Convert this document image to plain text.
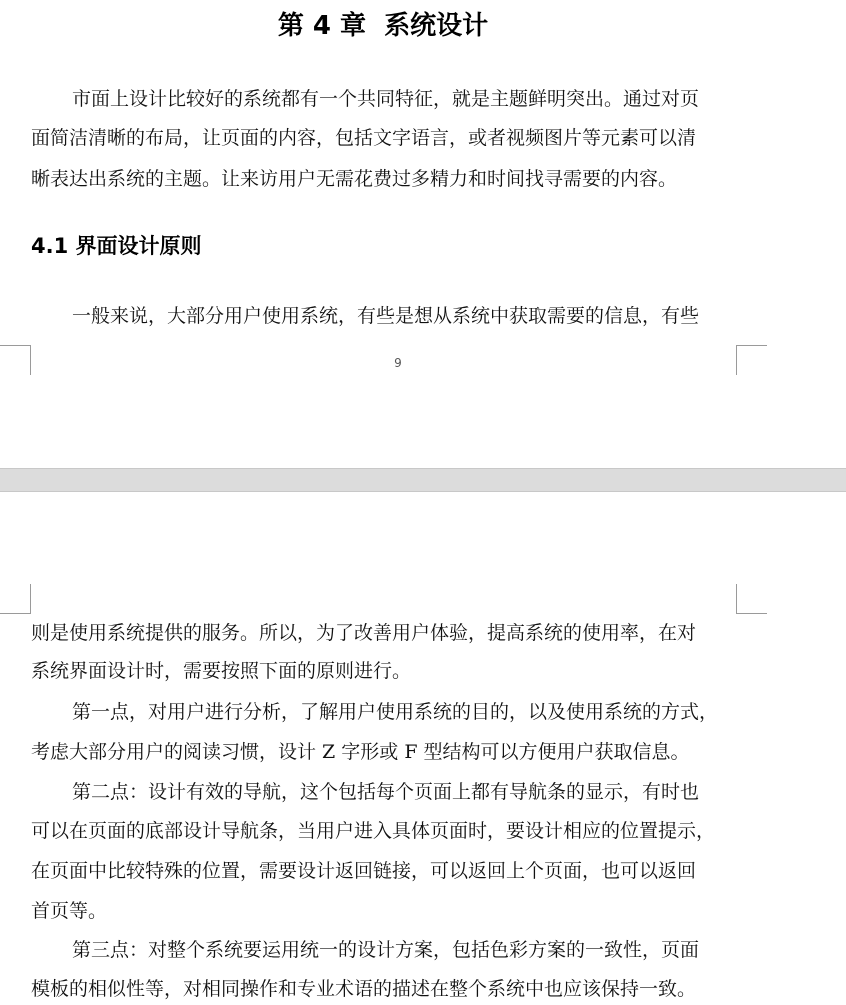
第 4 章  系统设计
市面上设计比较好的系统都有一个共同特征，就是主题鲜明突出。通过对页
面简洁清晰的布局，让页面的内容，包括文字语言，或者视频图片等元素可以清
晰表达出系统的主题。让来访用户无需花费过多精力和时间找寻需要的内容。
4.1 界面设计原则
一般来说，大部分用户使用系统，有些是想从系统中获取需要的信息，有些
9
则是使用系统提供的服务。所以，为了改善用户体验，提高系统的使用率，在对
系统界面设计时，需要按照下面的原则进行。
第一点，对用户进行分析，了解用户使用系统的目的，以及使用系统的方式，
考虑大部分用户的阅读习惯，设计 Z 字形或 F 型结构可以方便用户获取信息。
第二点：设计有效的导航，这个包括每个页面上都有导航条的显示，有时也
可以在页面的底部设计导航条，当用户进入具体页面时，要设计相应的位置提示，
在页面中比较特殊的位置，需要设计返回链接，可以返回上个页面，也可以返回
首页等。
第三点：对整个系统要运用统一的设计方案，包括色彩方案的一致性，页面
模板的相似性等，对相同操作和专业术语的描述在整个系统中也应该保持一致。
